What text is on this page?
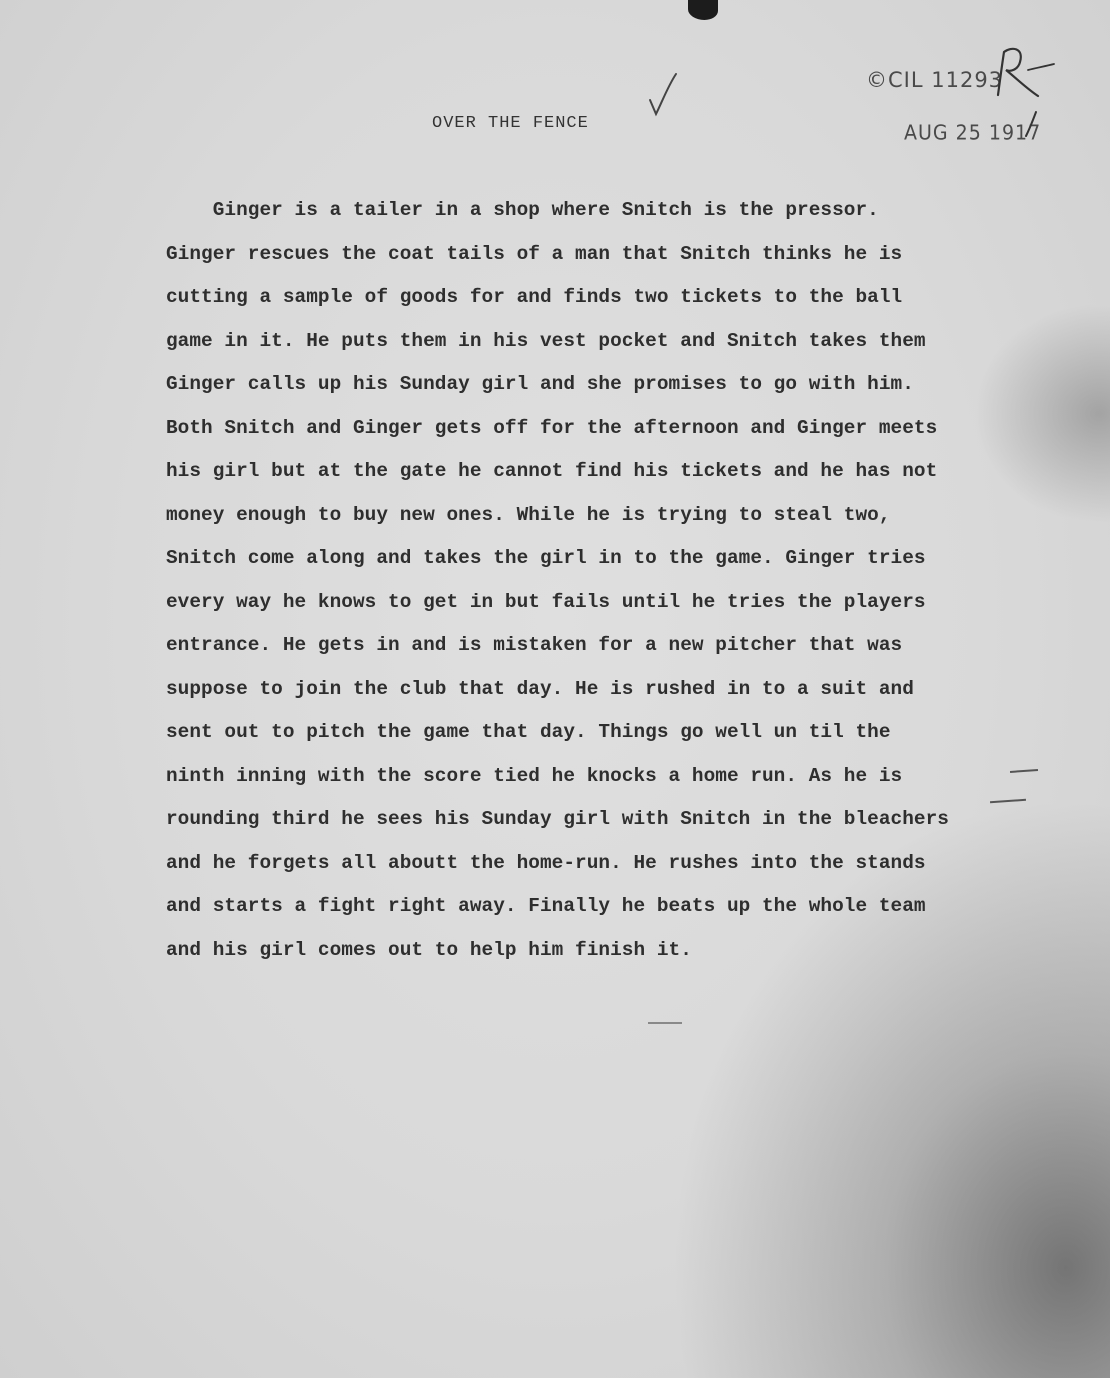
©CIL 11293
AUG 25 1917
OVER THE FENCE
Ginger is a tailer in a shop where Snitch is the pressor.
Ginger rescues the coat tails of a man that Snitch thinks he is
cutting a sample of goods for and finds two tickets to the ball
game in it. He puts them in his vest pocket and Snitch takes them
Ginger calls up his Sunday girl and she promises to go with him.
Both Snitch and Ginger gets off for the afternoon and Ginger meets
his girl but at the gate he cannot find his tickets and he has not
money enough to buy new ones. While he is trying to steal two,
Snitch come along and takes the girl in to the game. Ginger tries
every way he knows to get in but fails until he tries the players
entrance. He gets in and is mistaken for a new pitcher that was
suppose to join the club that day. He is rushed in to a suit and
sent out to pitch the game that day. Things go well un til the
ninth inning with the score tied he knocks a home run. As he is
rounding third he sees his Sunday girl with Snitch in the bleachers
and he forgets all aboutt the home-run. He rushes into the stands
and starts a fight right away. Finally he beats up the whole team
and his girl comes out to help him finish it.
